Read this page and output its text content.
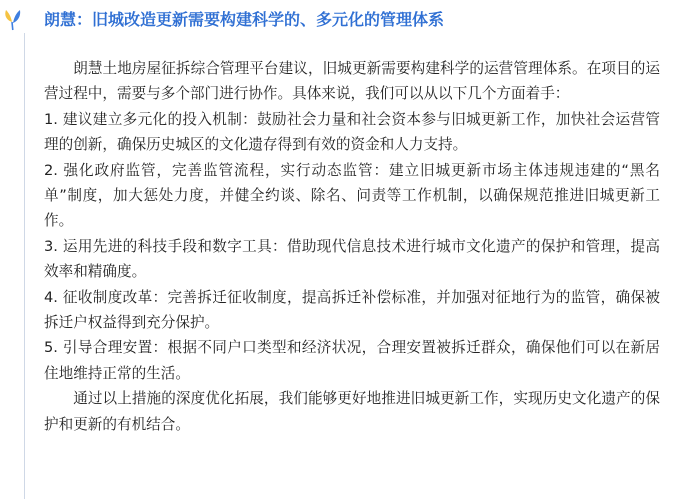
朗慧：旧城改造更新需要构建科学的、多元化的管理体系

朗慧土地房屋征拆综合管理平台建议，旧城更新需要构建科学的运营管理体系。在项目的运营过程中，需要与多个部门进行协作。具体来说，我们可以从以下几个方面着手：

1. 建议建立多元化的投入机制：鼓励社会力量和社会资本参与旧城更新工作，加快社会运营管理的创新，确保历史城区的文化遗存得到有效的资金和人力支持。

2. 强化政府监管，完善监管流程，实行动态监管：建立旧城更新市场主体违规违建的“黑名单”制度，加大惩处力度，并健全约谈、除名、问责等工作机制，以确保规范推进旧城更新工作。

3. 运用先进的科技手段和数字工具：借助现代信息技术进行城市文化遗产的保护和管理，提高效率和精确度。

4. 征收制度改革：完善拆迁征收制度，提高拆迁补偿标准，并加强对征地行为的监管，确保被拆迁户权益得到充分保护。

5. 引导合理安置：根据不同户口类型和经济状况，合理安置被拆迁群众，确保他们可以在新居住地维持正常的生活。

通过以上措施的深度优化拓展，我们能够更好地推进旧城更新工作，实现历史文化遗产的保护和更新的有机结合。
